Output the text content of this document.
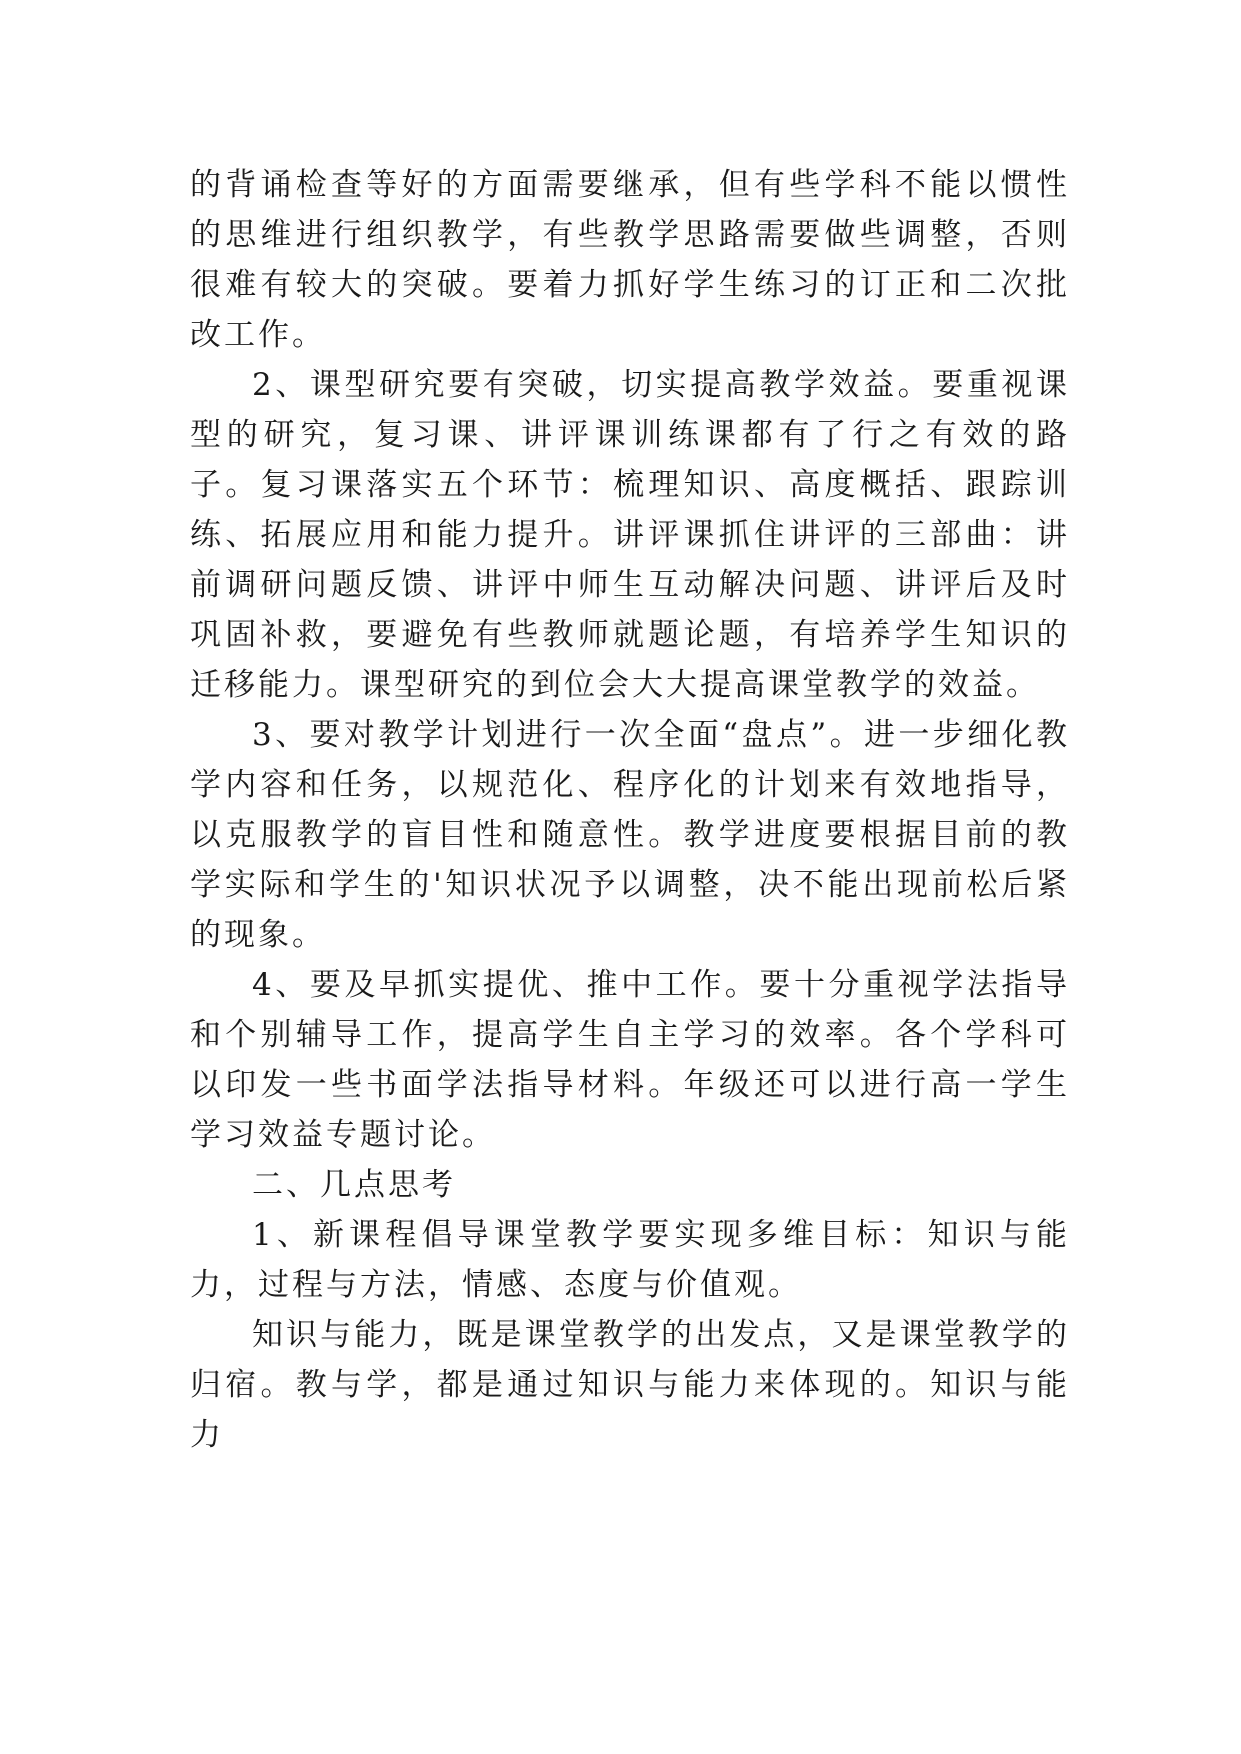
的背诵检查等好的方面需要继承，但有些学科不能以惯性的思维进行组织教学，有些教学思路需要做些调整，否则很难有较大的突破。要着力抓好学生练习的订正和二次批改工作。

2、课型研究要有突破，切实提高教学效益。要重视课型的研究，复习课、讲评课训练课都有了行之有效的路子。复习课落实五个环节：梳理知识、高度概括、跟踪训练、拓展应用和能力提升。讲评课抓住讲评的三部曲：讲前调研问题反馈、讲评中师生互动解决问题、讲评后及时巩固补救，要避免有些教师就题论题，有培养学生知识的迁移能力。课型研究的到位会大大提高课堂教学的效益。

3、要对教学计划进行一次全面“盘点”。进一步细化教学内容和任务，以规范化、程序化的计划来有效地指导，以克服教学的盲目性和随意性。教学进度要根据目前的教学实际和学生的'知识状况予以调整，决不能出现前松后紧的现象。

4、要及早抓实提优、推中工作。要十分重视学法指导和个别辅导工作，提高学生自主学习的效率。各个学科可以印发一些书面学法指导材料。年级还可以进行高一学生学习效益专题讨论。

二、几点思考

1、新课程倡导课堂教学要实现多维目标：知识与能力，过程与方法，情感、态度与价值观。

知识与能力，既是课堂教学的出发点，又是课堂教学的归宿。教与学，都是通过知识与能力来体现的。知识与能力
